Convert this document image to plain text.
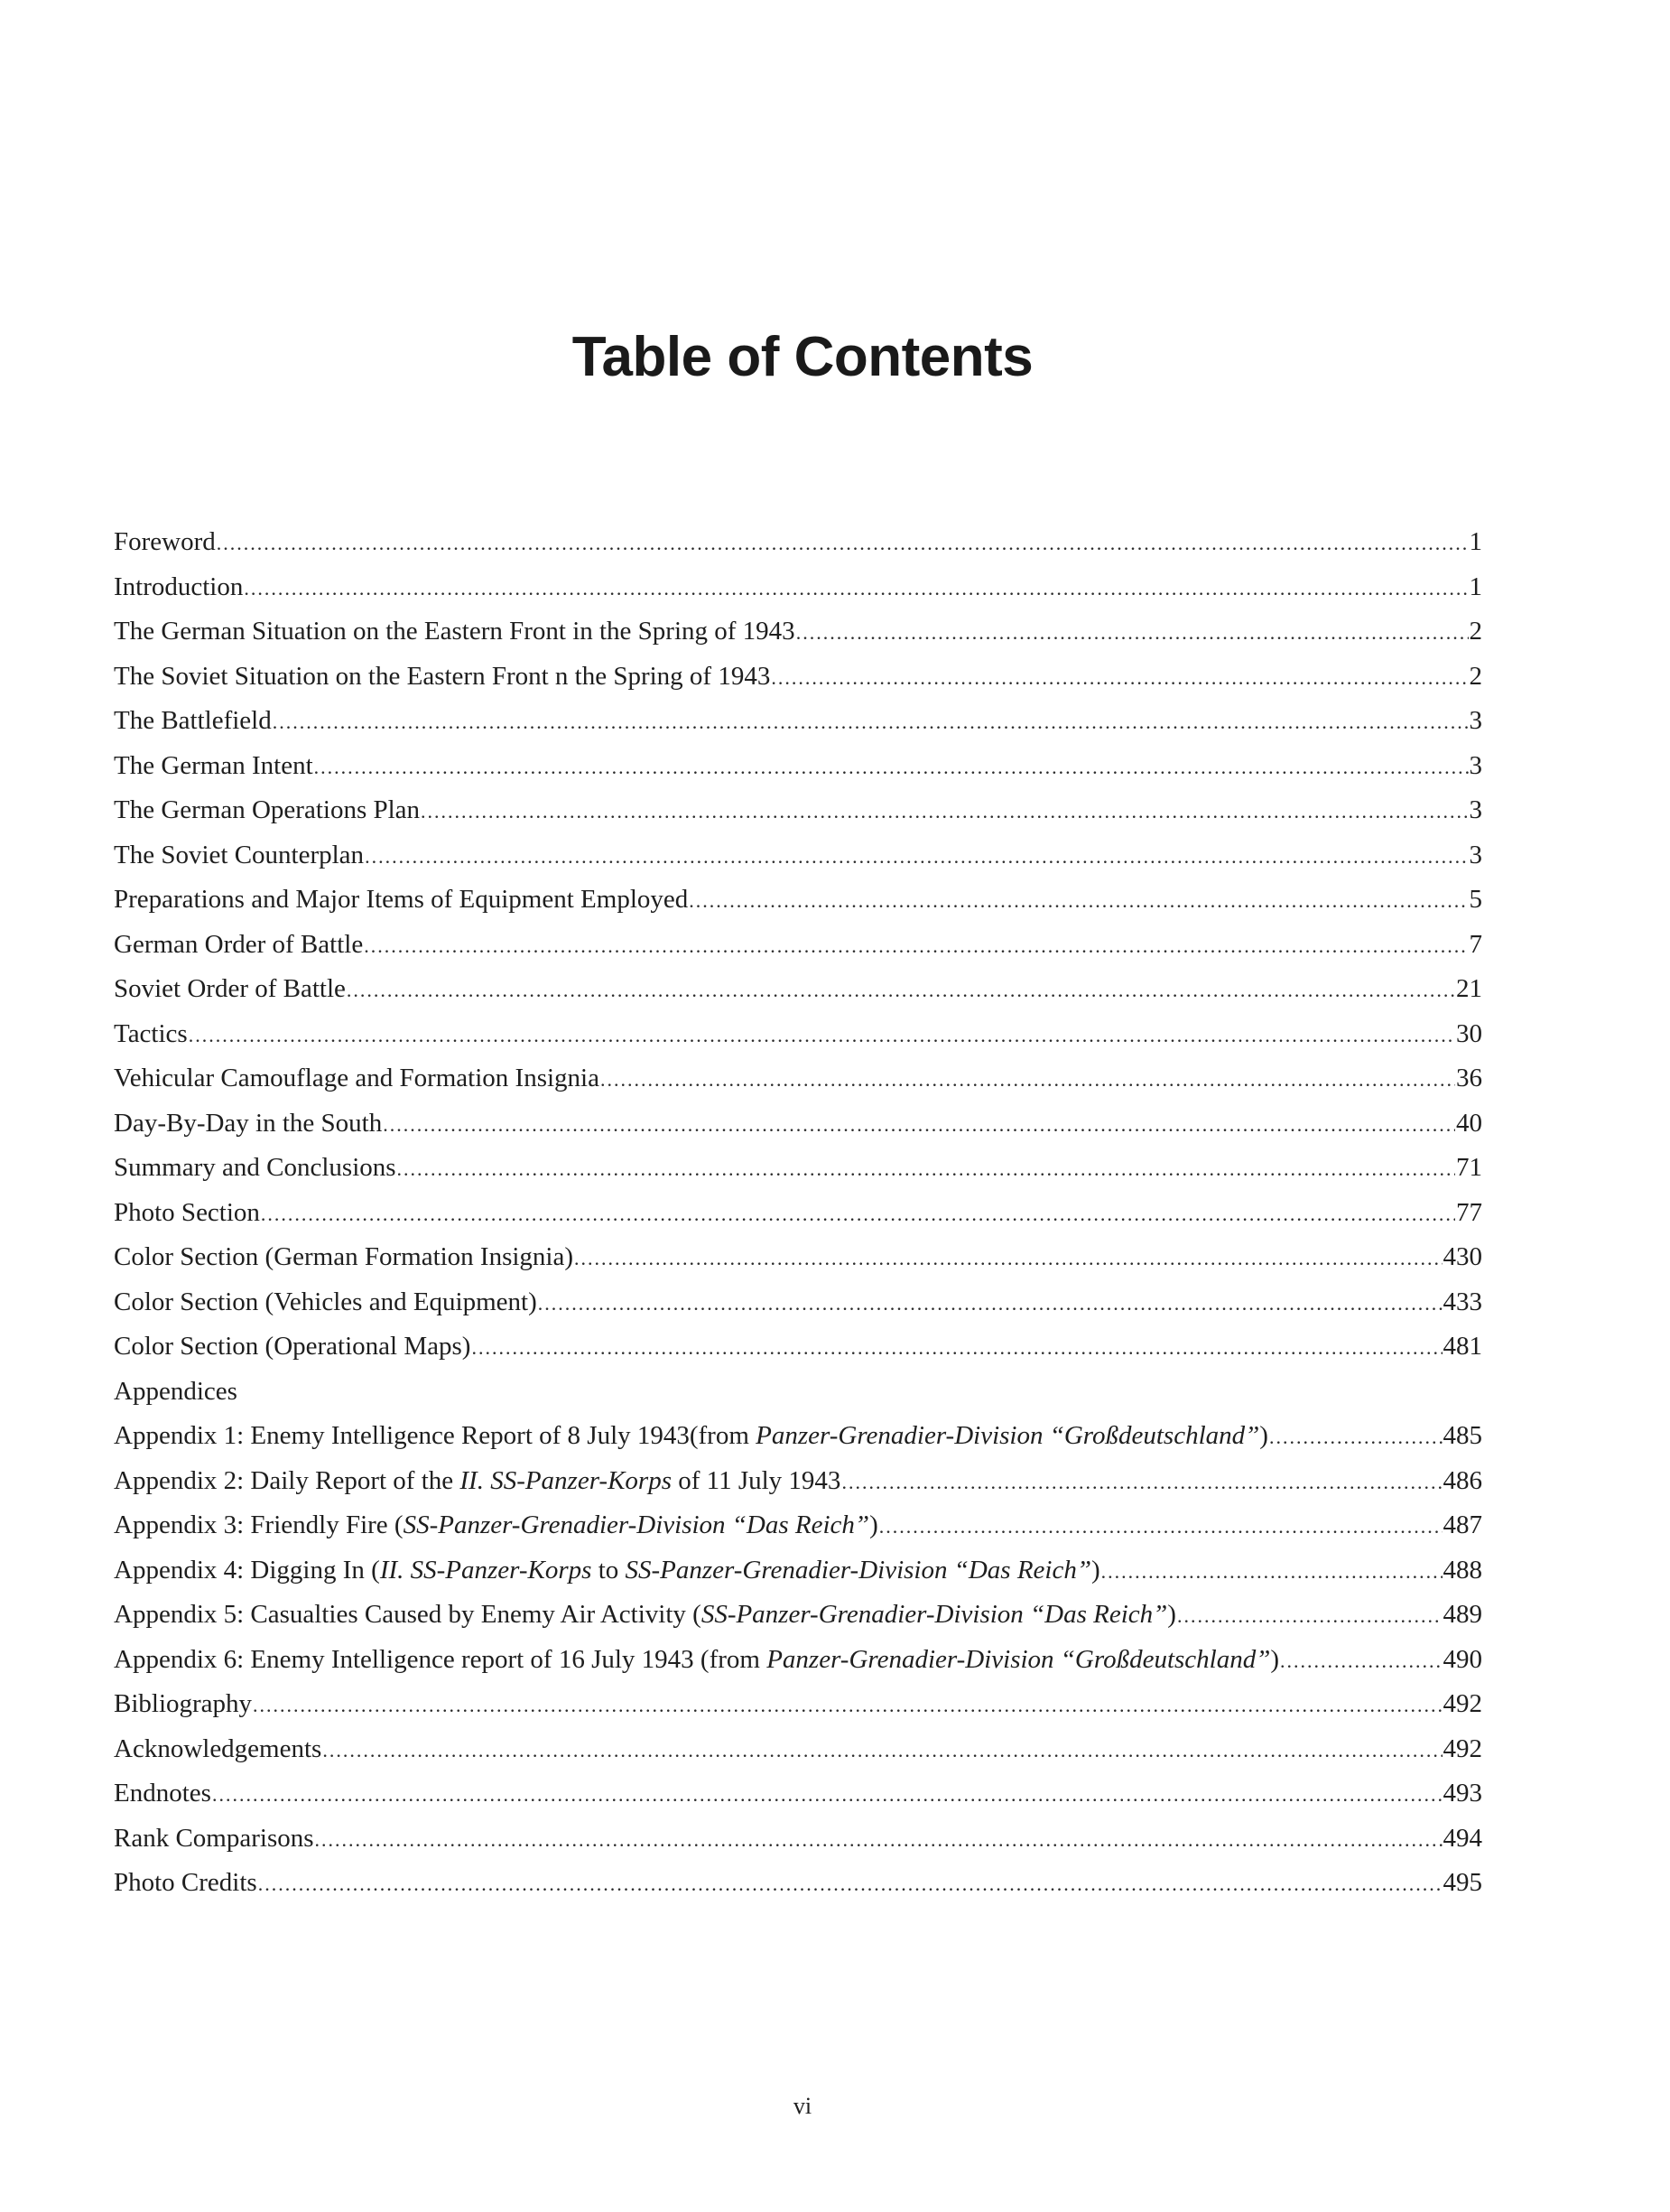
Table of Contents
Foreword .....	1
Introduction .....	1
The German Situation on the Eastern Front in the Spring of 1943 .....	2
The Soviet Situation on the Eastern Front n the Spring of 1943 .....	2
The Battlefield .....	3
The German Intent .....	3
The German Operations Plan .....	3
The Soviet Counterplan .....	3
Preparations and Major Items of Equipment Employed .....	5
German Order of Battle .....	7
Soviet Order of Battle .....	21
Tactics .....	30
Vehicular Camouflage and Formation Insignia .....	36
Day-By-Day in the South .....	40
Summary and Conclusions .....	71
Photo Section .....	77
Color Section (German Formation Insignia) .....	430
Color Section (Vehicles and Equipment) .....	433
Color Section (Operational Maps) .....	481
Appendices
Appendix 1: Enemy Intelligence Report of 8 July 1943(from Panzer-Grenadier-Division “Großdeutschland”) .....	485
Appendix 2: Daily Report of the II. SS-Panzer-Korps of 11 July 1943 .....	486
Appendix 3: Friendly Fire (SS-Panzer-Grenadier-Division “Das Reich”) .....	487
Appendix 4: Digging In (II. SS-Panzer-Korps to SS-Panzer-Grenadier-Division “Das Reich”) .....	488
Appendix 5: Casualties Caused by Enemy Air Activity (SS-Panzer-Grenadier-Division “Das Reich”) .....	489
Appendix 6: Enemy Intelligence report of 16 July 1943 (from Panzer-Grenadier-Division “Großdeutschland”) .....	490
Bibliography .....	492
Acknowledgements .....	492
Endnotes .....	493
Rank Comparisons .....	494
Photo Credits .....	495
vi
